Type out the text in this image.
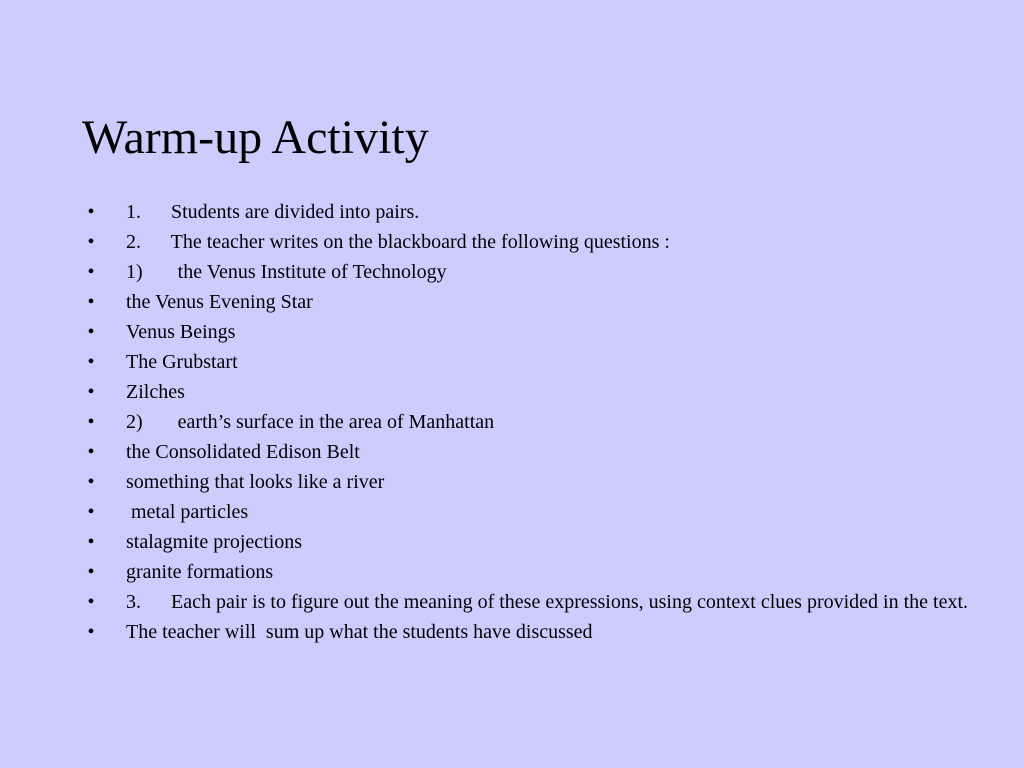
Warm-up Activity
• 1.      Students are divided into pairs.
• 2.      The teacher writes on the blackboard the following questions :
• 1)       the Venus Institute of Technology
• the Venus Evening Star
• Venus Beings
• The Grubstart
• Zilches
• 2)       earth’s surface in the area of Manhattan
• the Consolidated Edison Belt
• something that looks like a river
• metal particles
• stalagmite projections
• granite formations
• 3.      Each pair is to figure out the meaning of these expressions, using context clues provided in the text.
• The teacher will  sum up what the students have discussed
